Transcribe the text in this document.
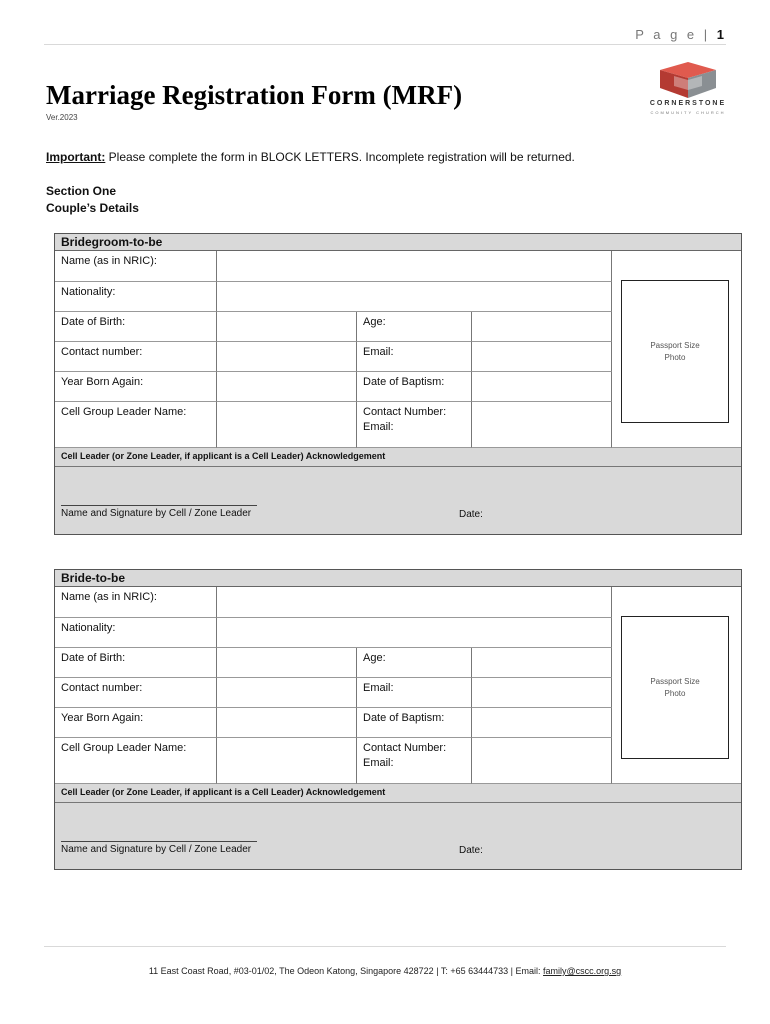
P a g e | 1
Marriage Registration Form (MRF)
Ver.2023
CORNERSTONE
COMMUNITY CHURCH
Important: Please complete the form in BLOCK LETTERS. Incomplete registration will be returned.
Section One
Couple’s Details
Bridegroom-to-be
Name (as in NRIC):
Nationality:
Date of Birth:	Age:
Contact number:	Email:
Year Born Again:	Date of Baptism:
Cell Group Leader Name:	Contact Number:
Email:
Passport Size Photo
Cell Leader (or Zone Leader, if applicant is a Cell Leader) Acknowledgement
Name and Signature by Cell / Zone Leader	Date:
Bride-to-be
Name (as in NRIC):
Nationality:
Date of Birth:	Age:
Contact number:	Email:
Year Born Again:	Date of Baptism:
Cell Group Leader Name:	Contact Number:
Email:
Passport Size Photo
Cell Leader (or Zone Leader, if applicant is a Cell Leader) Acknowledgement
Name and Signature by Cell / Zone Leader	Date:
11 East Coast Road, #03-01/02, The Odeon Katong, Singapore 428722 | T: +65 63444733 | Email: family@cscc.org.sg
